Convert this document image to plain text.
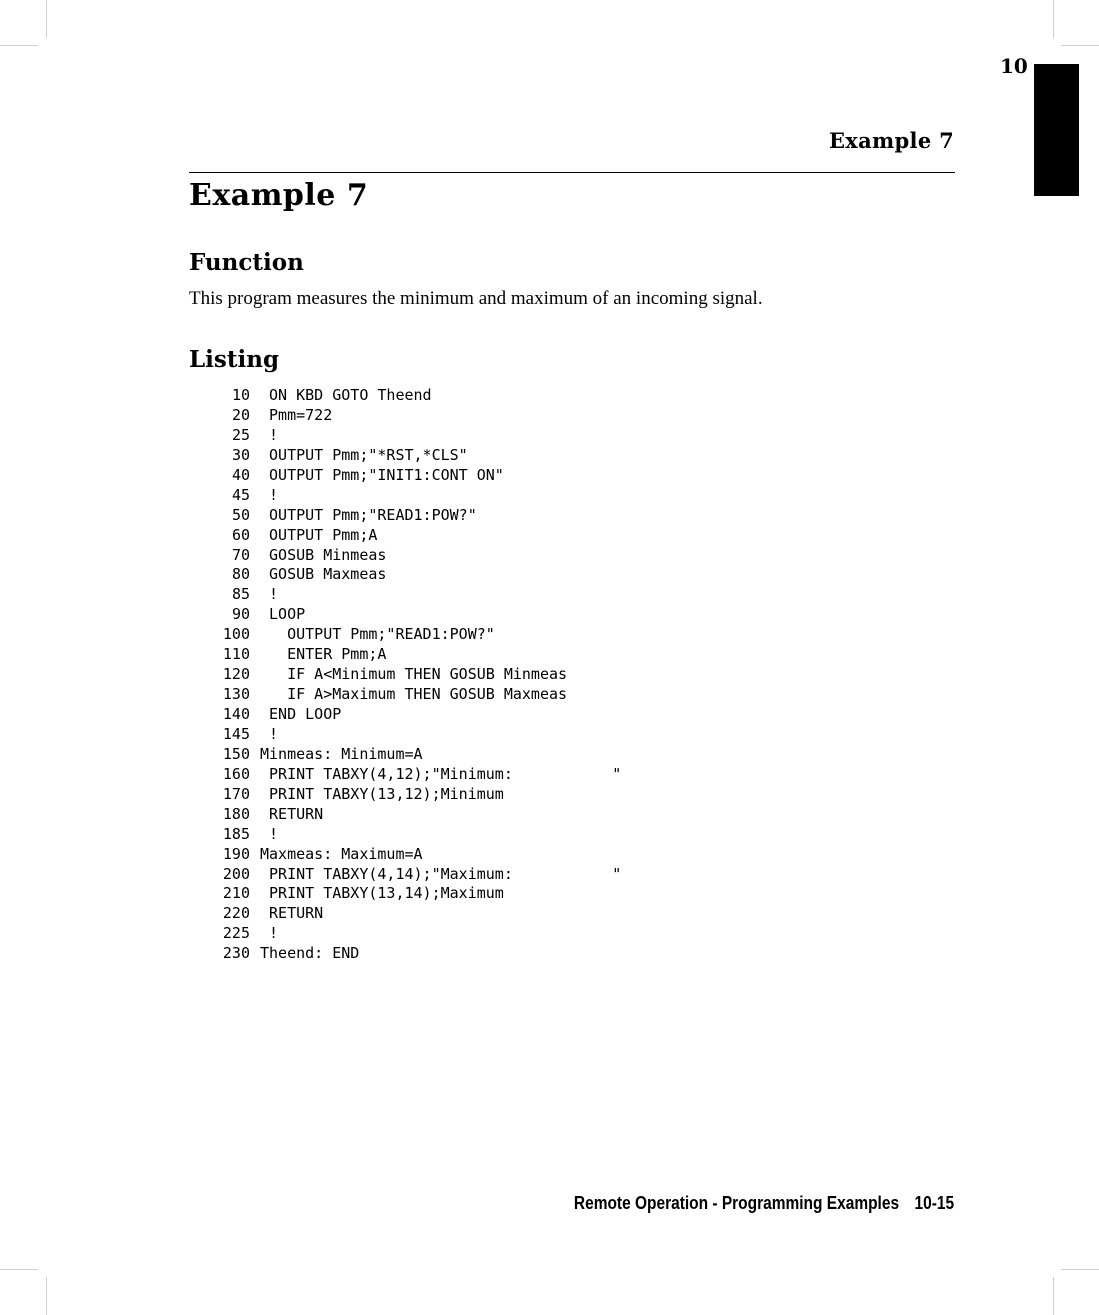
10
Example 7
Example 7
Function

This program measures the minimum and maximum of an incoming signal.

Listing
10 ON KBD GOTO Theend
20 Pmm=722
25 !
30 OUTPUT Pmm;"*RST,*CLS"
40 OUTPUT Pmm;"INIT1:CONT ON"
45 !
50 OUTPUT Pmm;"READ1:POW?"
60 OUTPUT Pmm;A
70 GOSUB Minmeas
80 GOSUB Maxmeas
85 !
90 LOOP
100 OUTPUT Pmm;"READ1:POW?"
110 ENTER Pmm;A
120 IF A<Minimum THEN GOSUB Minmeas
130 IF A>Maximum THEN GOSUB Maxmeas
140 END LOOP
145 !
150 Minmeas: Minimum=A
160 PRINT TABXY(4,12);"Minimum:           "
170 PRINT TABXY(13,12);Minimum
180 RETURN
185 !
190 Maxmeas: Maximum=A
200 PRINT TABXY(4,14);"Maximum:           "
210 PRINT TABXY(13,14);Maximum
220 RETURN
225 !
230 Theend: END
Remote Operation - Programming Examples 10-15
